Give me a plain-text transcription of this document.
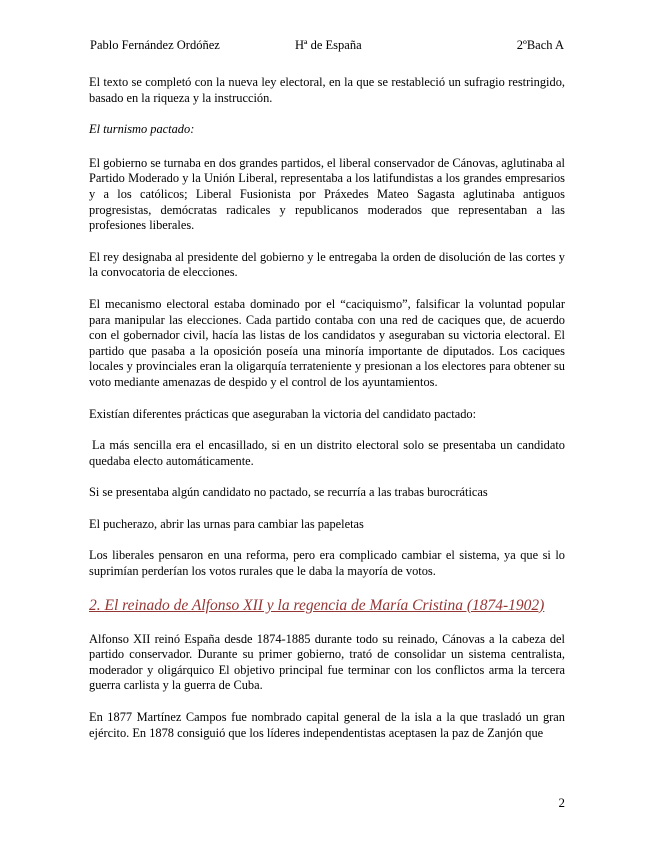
Pablo Fernández Ordóñez	Hª de España	2ºBach A

El texto se completó con la nueva ley electoral, en la que se restableció un sufragio restringido, basado en la riqueza y la instrucción.

El turnismo pactado:

El gobierno se turnaba en dos grandes partidos, el liberal conservador de Cánovas, aglutinaba al Partido Moderado y la Unión Liberal, representaba a los latifundistas a los grandes empresarios y a los católicos; Liberal Fusionista por Práxedes Mateo Sagasta aglutinaba antiguos progresistas, demócratas radicales y republicanos moderados que representaban a las profesiones liberales.

El rey designaba al presidente del gobierno y le entregaba la orden de disolución de las cortes y la convocatoria de elecciones.

El mecanismo electoral estaba dominado por el “caciquismo”, falsificar la voluntad popular para manipular las elecciones. Cada partido contaba con una red de caciques que, de acuerdo con el gobernador civil, hacía las listas de los candidatos y aseguraban su victoria electoral. El partido que pasaba a la oposición poseía una minoría importante de diputados. Los caciques locales y provinciales eran la oligarquía terrateniente y presionan a los electores para obtener su voto mediante amenazas de despido y el control de los ayuntamientos.

Existían diferentes prácticas que aseguraban la victoria del candidato pactado:

La más sencilla era el encasillado, si en un distrito electoral solo se presentaba un candidato quedaba electo automáticamente.

Si se presentaba algún candidato no pactado, se recurría a las trabas burocráticas

El pucherazo, abrir las urnas para cambiar las papeletas

Los liberales pensaron en una reforma, pero era complicado cambiar el sistema, ya que si lo suprimían perderían los votos rurales que le daba la mayoría de votos.

2. El reinado de Alfonso XII y la regencia de María Cristina (1874-1902)

Alfonso XII reinó España desde 1874-1885 durante todo su reinado, Cánovas a la cabeza del partido conservador. Durante su primer gobierno, trató de consolidar un sistema centralista, moderador y oligárquico El objetivo principal fue terminar con los conflictos arma la tercera guerra carlista y la guerra de Cuba.

En 1877 Martínez Campos fue nombrado capital general de la isla a la que trasladó un gran ejército. En 1878 consiguió que los líderes independentistas aceptasen la paz de Zanjón que

2
